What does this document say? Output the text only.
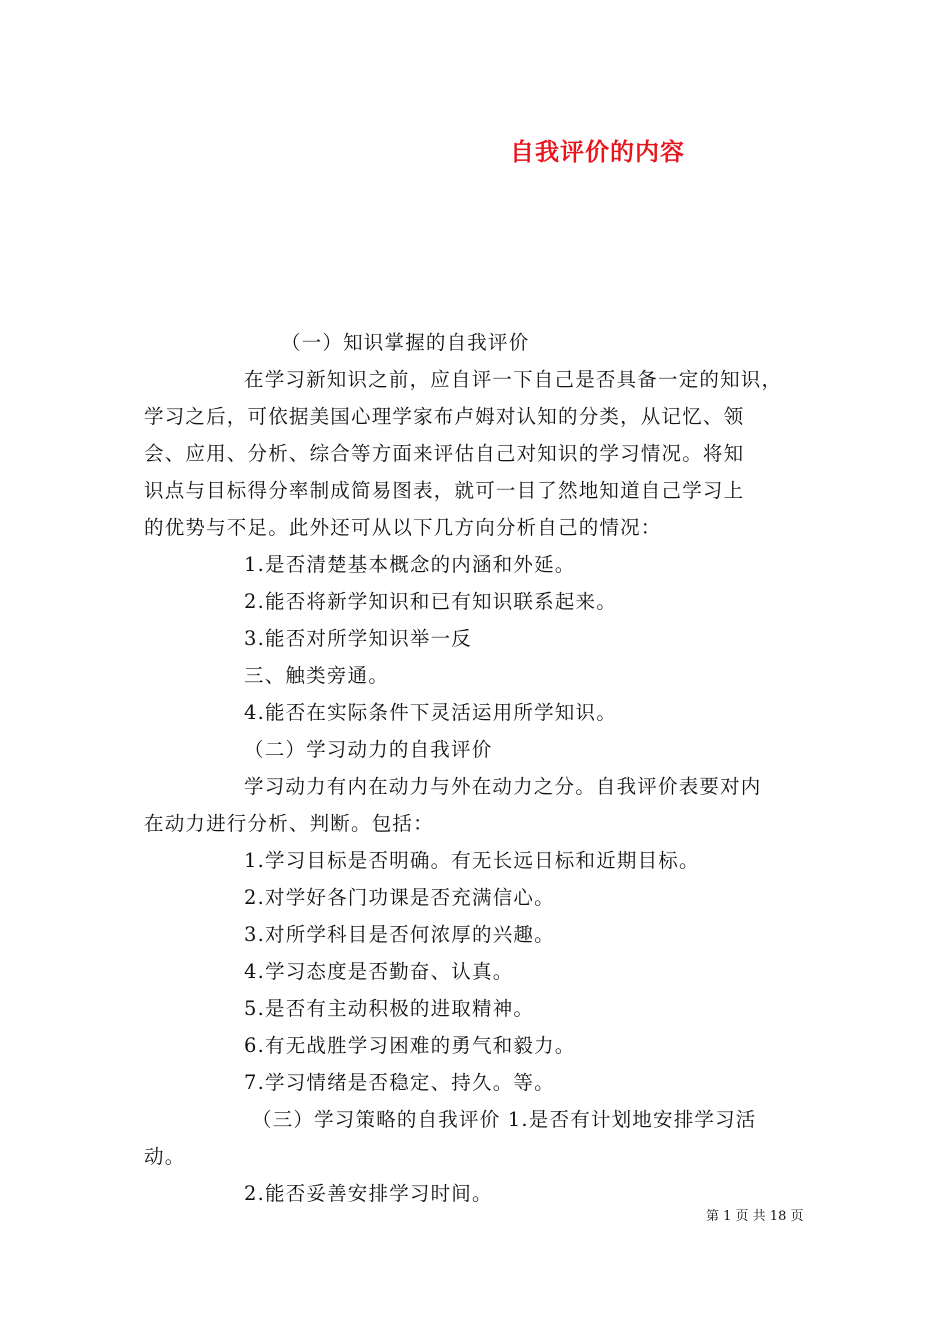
自我评价的内容
（一）知识掌握的自我评价
在学习新知识之前，应自评一下自己是否具备一定的知识，
学习之后，可依据美国心理学家布卢姆对认知的分类，从记忆、领
会、应用、分析、综合等方面来评估自己对知识的学习情况。将知
识点与目标得分率制成简易图表，就可一目了然地知道自己学习上
的优势与不足。此外还可从以下几方向分析自己的情况：
1.是否清楚基本概念的内涵和外延。
2.能否将新学知识和已有知识联系起来。
3.能否对所学知识举一反
三、触类旁通。
4.能否在实际条件下灵活运用所学知识。
（二）学习动力的自我评价
学习动力有内在动力与外在动力之分。自我评价表要对内
在动力进行分析、判断。包括：
1.学习目标是否明确。有无长远日标和近期目标。
2.对学好各门功课是否充满信心。
3.对所学科目是否何浓厚的兴趣。
4.学习态度是否勤奋、认真。
5.是否有主动积极的进取精神。
6.有无战胜学习困难的勇气和毅力。
7.学习情绪是否稳定、持久。等。
（三）学习策略的自我评价 1.是否有计划地安排学习活
动。
2.能否妥善安排学习时间。
第 1 页 共 18 页
